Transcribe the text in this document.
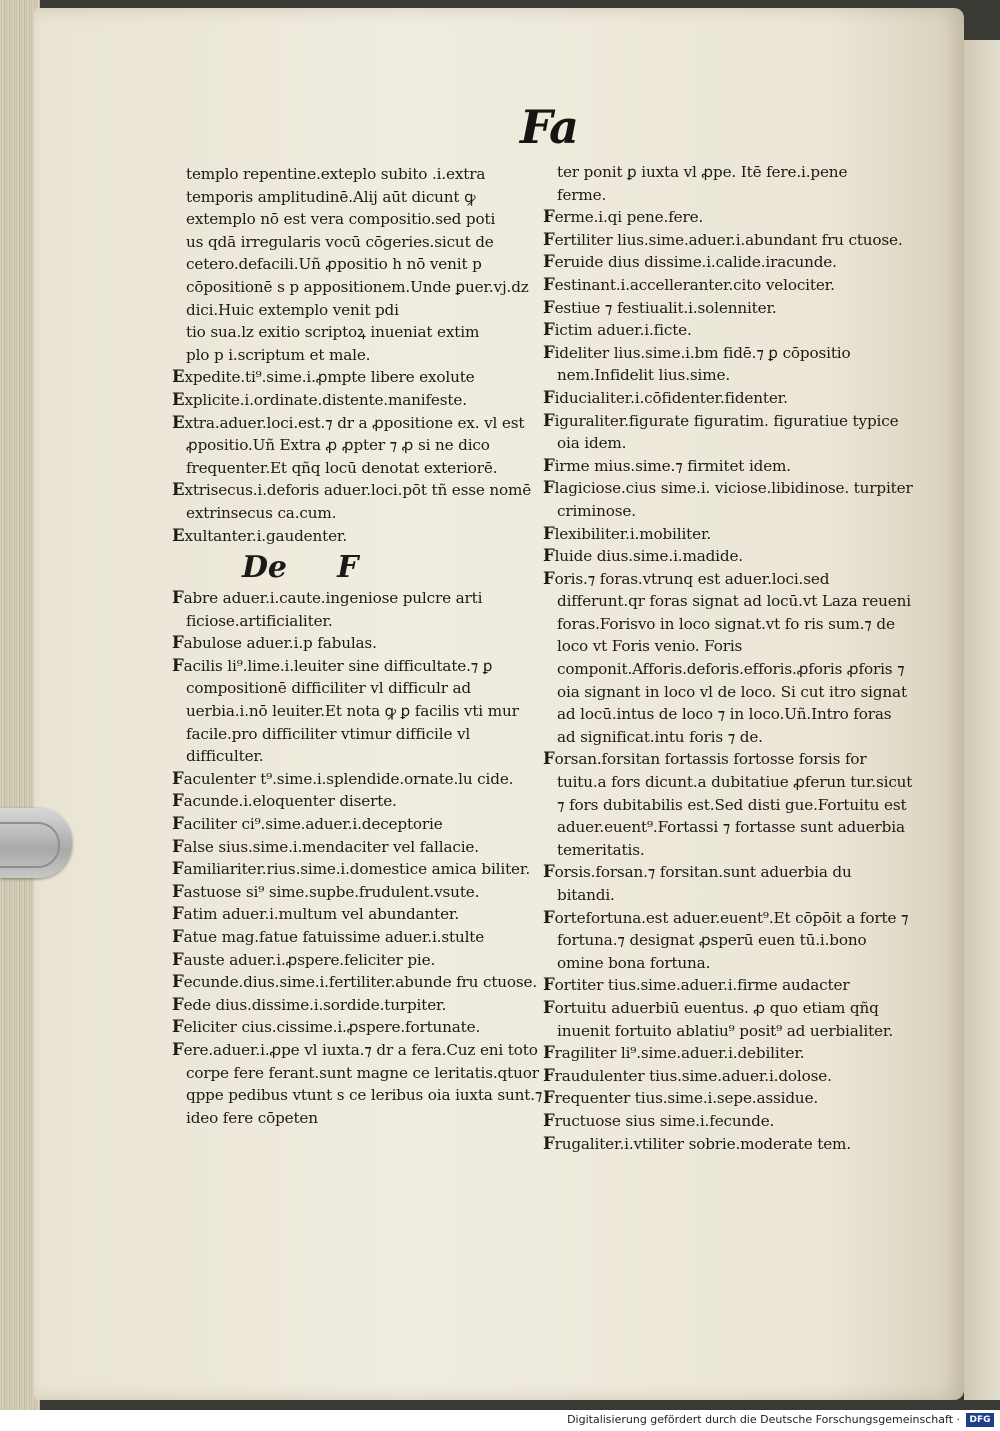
Fa

templo repentine.exteplo subito .i.extra

temporis amplitudinē.Alij aūt dicunt ꝙ

extemplo nō est vera compositio.sed poti

us qdā irregularis vocū cōgeries.sicut de

cetero.defacili.Uñ ꝓpositio h nō venit p

cōpositionē s p appositionem.Unde ꝑuer.vj.dz dici.Huic extemplo venit pdi

tio sua.lz exitio scriptoꝝ inueniat extim

plo p i.scriptum et male.

Expedite.ti⁹.sime.i.ꝓmpte libere exolute

Explicite.i.ordinate.distente.manifeste.

Extra.aduer.loci.est.⁊ dr a ꝓpositione ex. vl est ꝓpositio.Uñ Extra ꝓ ꝓpter ⁊ ꝓ si ne dico frequenter.Et qñq locū denotat exteriorē.

Extrisecus.i.deforis aduer.loci.pōt tñ esse nomē extrinsecus ca.cum.

Exultanter.i.gaudenter.

De F

Fabre aduer.i.caute.ingeniose pulcre arti ficiose.artificialiter.

Fabulose aduer.i.p fabulas.

Facilis li⁹.lime.i.leuiter sine difficultate.⁊ ꝑ compositionē difficiliter vl difficulr ad uerbia.i.nō leuiter.Et nota ꝙ ꝑ facilis vti mur facile.pro difficiliter vtimur difficile vl difficulter.

Faculenter t⁹.sime.i.splendide.ornate.lu cide.

Facunde.i.eloquenter diserte.

Faciliter ci⁹.sime.aduer.i.deceptorie

False sius.sime.i.mendaciter vel fallacie.

Familiariter.rius.sime.i.domestice amica biliter.

Fastuose si⁹ sime.supbe.frudulent.vsute.

Fatim aduer.i.multum vel abundanter.

Fatue mag.fatue fatuissime aduer.i.stulte

Fauste aduer.i.ꝓspere.feliciter pie.

Fecunde.dius.sime.i.fertiliter.abunde fru ctuose.

Fede dius.dissime.i.sordide.turpiter.

Feliciter cius.cissime.i.ꝓspere.fortunate.

Fere.aduer.i.ꝓpe vl iuxta.⁊ dr a fera.Cuz eni toto corpe fere ferant.sunt magne ce leritatis.qtuor qppe pedibus vtunt s ce leribus oia iuxta sunt.⁊ ideo fere cōpeten

ter ponit ꝑ iuxta vl ꝓpe. Itē fere.i.pene

ferme.

Ferme.i.qi pene.fere.

Fertiliter lius.sime.aduer.i.abundant fru ctuose.

Feruide dius dissime.i.calide.iracunde.

Festinant.i.accelleranter.cito velociter.

Festiue ⁊ festiualit.i.solenniter.

Fictim aduer.i.ficte.

Fideliter lius.sime.i.bm fidē.⁊ ꝑ cōpositio nem.Infidelit lius.sime.

Fiducialiter.i.cōfidenter.fidenter.

Figuraliter.figurate figuratim. figuratiue typice oia idem.

Firme mius.sime.⁊ firmitet idem.

Flagiciose.cius sime.i. viciose.libidinose. turpiter criminose.

Flexibiliter.i.mobiliter.

Fluide dius.sime.i.madide.

Foris.⁊ foras.vtrunq est aduer.loci.sed differunt.qr foras signat ad locū.vt Laza reueni foras.Forisvo in loco signat.vt fo ris sum.⁊ de loco vt Foris venio. Foris componit.Afforis.deforis.efforis.ꝓforis ꝓforis ⁊ oia signant in loco vl de loco. Si cut itro signat ad locū.intus de loco ⁊ in loco.Uñ.Intro foras ad significat.intu foris ⁊ de.

Forsan.forsitan fortassis fortosse forsis for tuitu.a fors dicunt.a dubitatiue ꝓferun tur.sicut ⁊ fors dubitabilis est.Sed disti gue.Fortuitu est aduer.euent⁹.Fortassi ⁊ fortasse sunt aduerbia temeritatis.

Forsis.forsan.⁊ forsitan.sunt aduerbia du bitandi.

Fortefortuna.est aduer.euent⁹.Et cōpōit a forte ⁊ fortuna.⁊ designat ꝓsperū euen tū.i.bono omine bona fortuna.

Fortiter tius.sime.aduer.i.firme audacter

Fortuitu aduerbiū euentus. ꝓ quo etiam qñq inuenit fortuito ablatiu⁹ posit⁹ ad uerbialiter.

Fragiliter li⁹.sime.aduer.i.debiliter.

Fraudulenter tius.sime.aduer.i.dolose.

Frequenter tius.sime.i.sepe.assidue.

Fructuose sius sime.i.fecunde.

Frugaliter.i.vtiliter sobrie.moderate tem.

Digitalisierung gefördert durch die Deutsche Forschungsgemeinschaft ·	DFG
